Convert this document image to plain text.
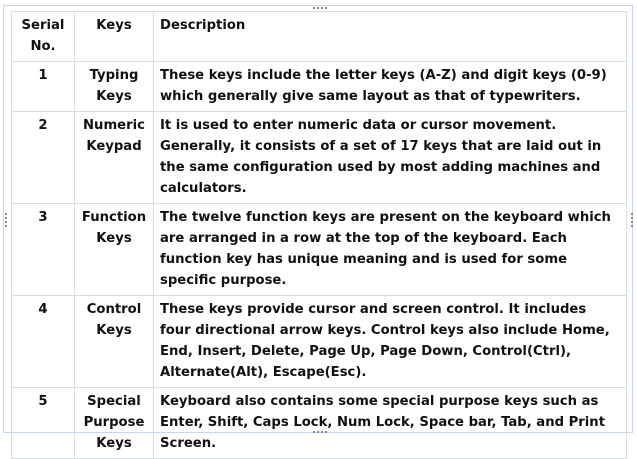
Serial No.	Keys	Description
1	Typing Keys	These keys include the letter keys (A-Z) and digit keys (0-9) which generally give same layout as that of typewriters.
2	Numeric Keypad	It is used to enter numeric data or cursor movement. Generally, it consists of a set of 17 keys that are laid out in the same configuration used by most adding machines and calculators.
3	Function Keys	The twelve function keys are present on the keyboard which are arranged in a row at the top of the keyboard. Each function key has unique meaning and is used for some specific purpose.
4	Control Keys	These keys provide cursor and screen control. It includes four directional arrow keys. Control keys also include Home, End, Insert, Delete, Page Up, Page Down, Control(Ctrl), Alternate(Alt), Escape(Esc).
5	Special Purpose Keys	Keyboard also contains some special purpose keys such as Enter, Shift, Caps Lock, Num Lock, Space bar, Tab, and Print Screen.
